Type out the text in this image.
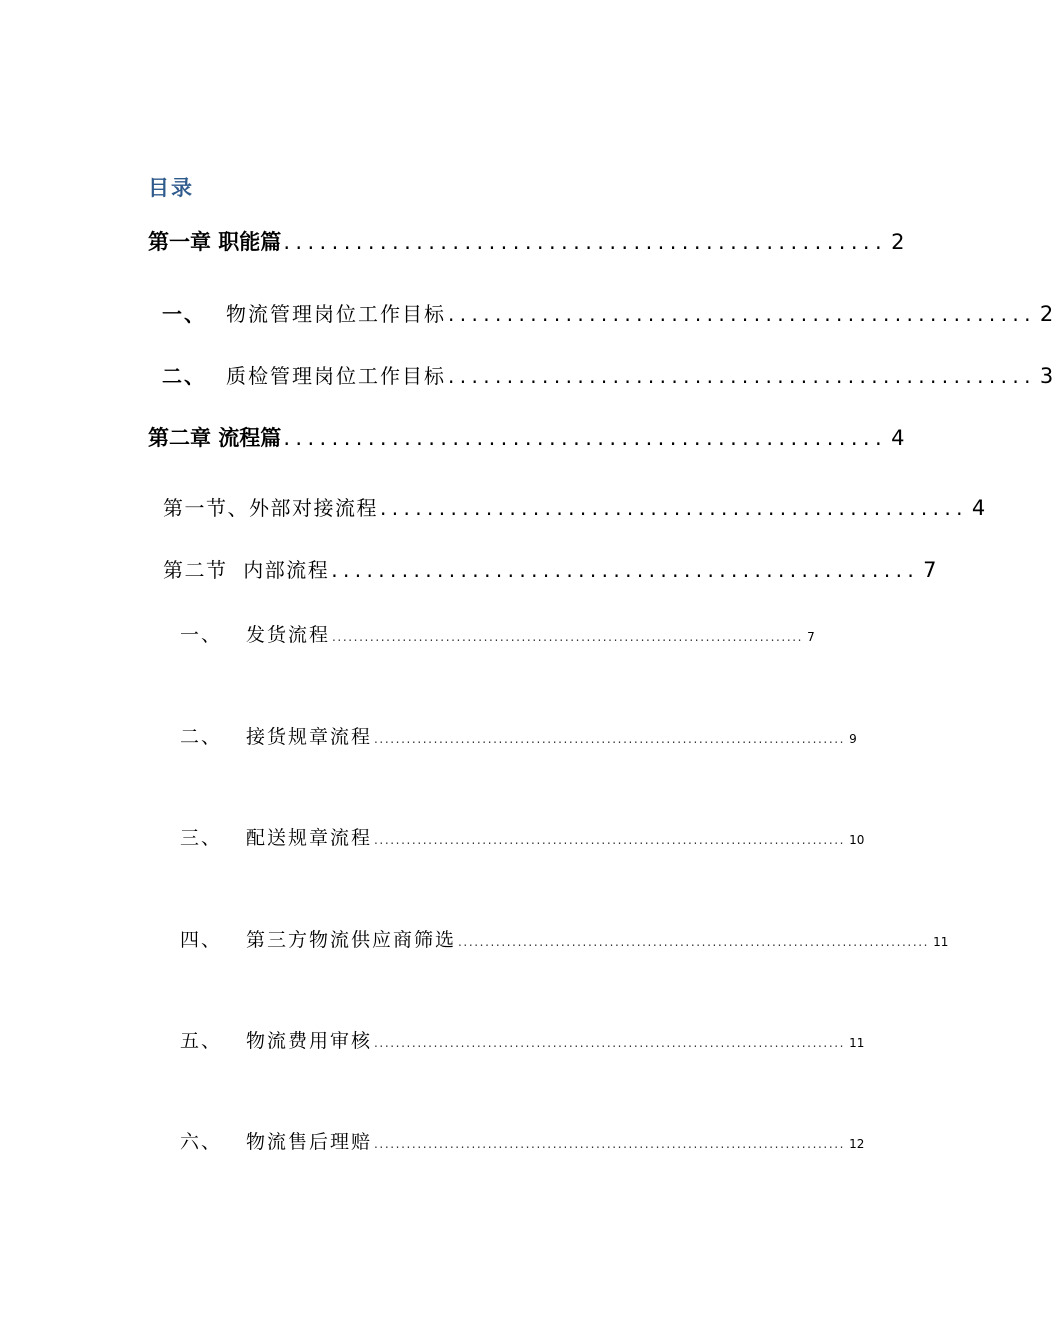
目录
第一章 职能篇 .................................................. 2
一、	物流管理岗位工作目标 .................................................. 2
二、	质检管理岗位工作目标 .................................................. 3
第二章 流程篇 .................................................. 4
第一节、外部对接流程 .................................................. 4
第二节  内部流程 .................................................. 7
一、	发货流程 ....................................................................................... 7
二、	接货规章流程 ....................................................................................... 9
三、	配送规章流程 ....................................................................................... 10
四、	第三方物流供应商筛选 ....................................................................................... 11
五、	物流费用审核 ....................................................................................... 11
六、	物流售后理赔 ....................................................................................... 12
